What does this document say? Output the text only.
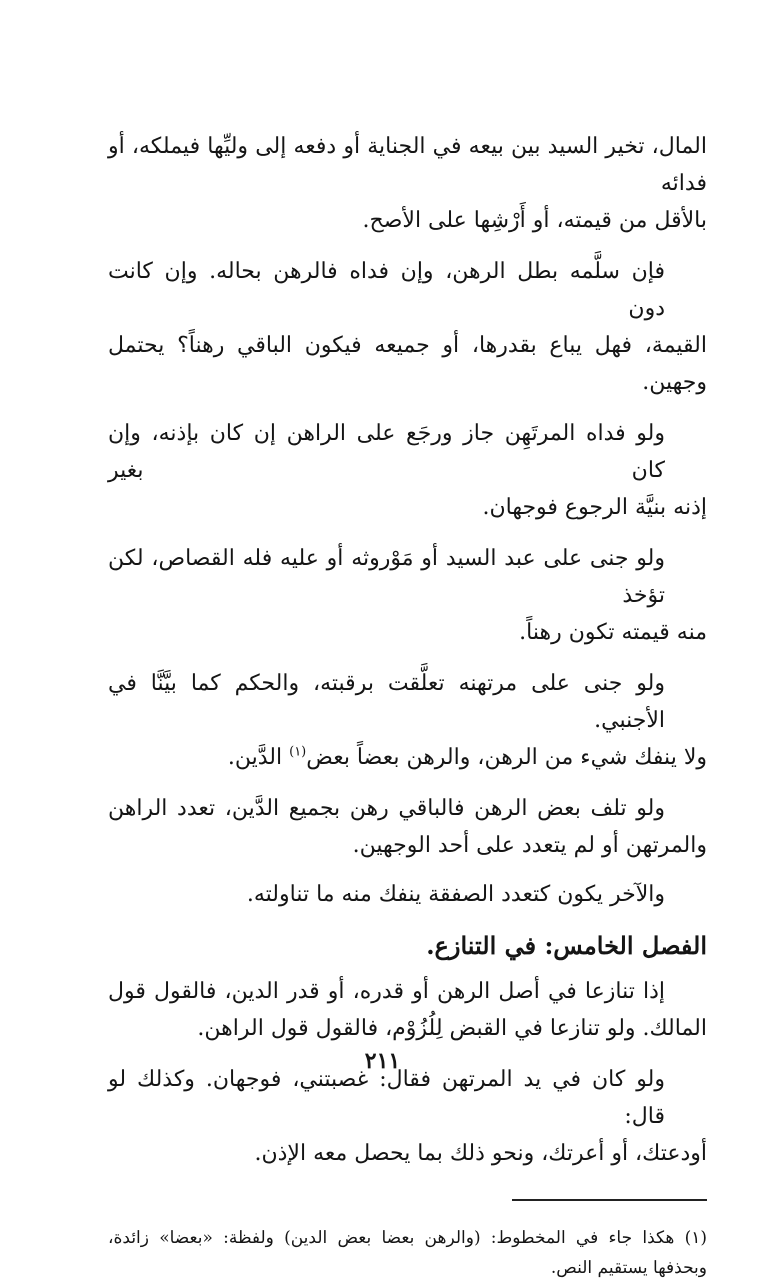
المال، تخير السيد بين بيعه في الجناية أو دفعه إلى وليِّها فيملكه، أو فدائه
بالأقل من قيمته، أو أَرْشِها على الأصح.
فإن سلَّمه بطل الرهن، وإن فداه فالرهن بحاله. وإن كانت دون
القيمة، فهل يباع بقدرها، أو جميعه فيكون الباقي رهناً؟ يحتمل وجهين.
ولو فداه المرتَهِن جاز ورجَع على الراهن إن كان بإذنه، وإن كان بغير
إذنه بنيَّة الرجوع فوجهان.
ولو جنى على عبد السيد أو مَوْروثه أو عليه فله القصاص، لكن تؤخذ
منه قيمته تكون رهناً.
ولو جنى على مرتهنه تعلَّقت برقبته، والحكم كما بيَّنَّا في الأجنبي.
ولا ينفك شيء من الرهن، والرهن بعضاً بعض$^{(١)}$ الدَّين.
ولو تلف بعض الرهن فالباقي رهن بجميع الدَّين، تعدد الراهن
والمرتهن أو لم يتعدد على أحد الوجهين.
والآخر يكون كتعدد الصفقة ينفك منه ما تناولته.
الفصل الخامس: في التنازع.
إذا تنازعا في أصل الرهن أو قدره، أو قدر الدين، فالقول قول
المالك. ولو تنازعا في القبض لِلُزُوْم، فالقول قول الراهن.
ولو كان في يد المرتهن فقال: غصبتني، فوجهان. وكذلك لو قال:
أودعتك، أو أعرتك، ونحو ذلك بما يحصل معه الإذن.
(١) هكذا جاء في المخطوط: (والرهن بعضا بعض الدين) ولفظة: «بعضا» زائدة،
وبحذفها يستقيم النص.
٢١١
